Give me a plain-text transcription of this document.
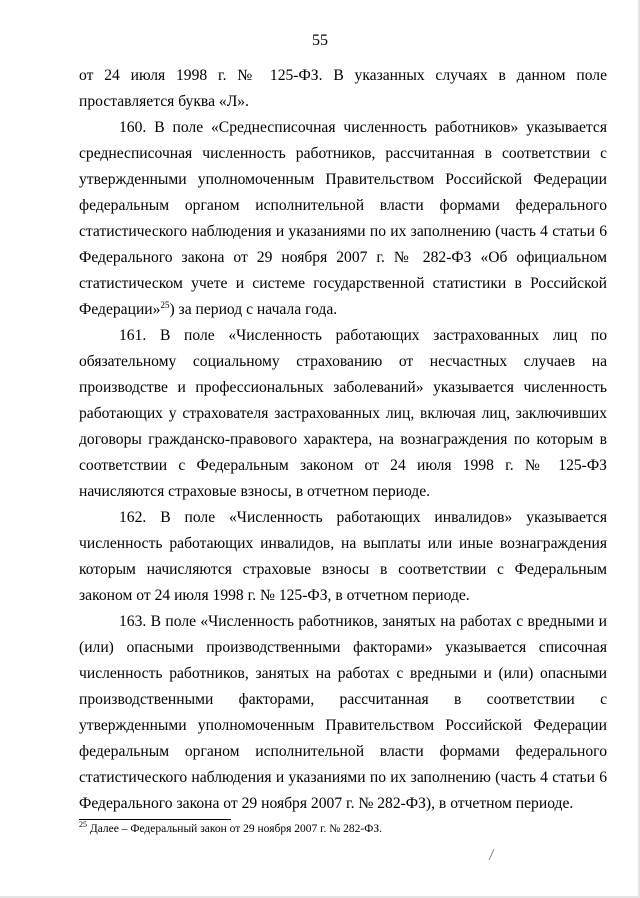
55

от 24 июля 1998 г. № 125-ФЗ. В указанных случаях в данном поле проставляется буква «Л».

160. В поле «Среднесписочная численность работников» указывается среднесписочная численность работников, рассчитанная в соответствии с утвержденными уполномоченным Правительством Российской Федерации федеральным органом исполнительной власти формами федерального статистического наблюдения и указаниями по их заполнению (часть 4 статьи 6 Федерального закона от 29 ноября 2007 г. № 282-ФЗ «Об официальном статистическом учете и системе государственной статистики в Российской Федерации»$^{25}$) за период с начала года.

161. В поле «Численность работающих застрахованных лиц по обязательному социальному страхованию от несчастных случаев на производстве и профессиональных заболеваний» указывается численность работающих у страхователя застрахованных лиц, включая лиц, заключивших договоры гражданско-правового характера, на вознаграждения по которым в соответствии с Федеральным законом от 24 июля 1998 г. № 125-ФЗ начисляются страховые взносы, в отчетном периоде.

162. В поле «Численность работающих инвалидов» указывается численность работающих инвалидов, на выплаты или иные вознаграждения которым начисляются страховые взносы в соответствии с Федеральным законом от 24 июля 1998 г. № 125-ФЗ, в отчетном периоде.

163. В поле «Численность работников, занятых на работах с вредными и (или) опасными производственными факторами» указывается списочная численность работников, занятых на работах с вредными и (или) опасными производственными факторами, рассчитанная в соответствии с утвержденными уполномоченным Правительством Российской Федерации федеральным органом исполнительной власти формами федерального статистического наблюдения и указаниями по их заполнению (часть 4 статьи 6 Федерального закона от 29 ноября 2007 г. № 282-ФЗ), в отчетном периоде.

$^{25}$ Далее – Федеральный закон от 29 ноября 2007 г. № 282-ФЗ.
